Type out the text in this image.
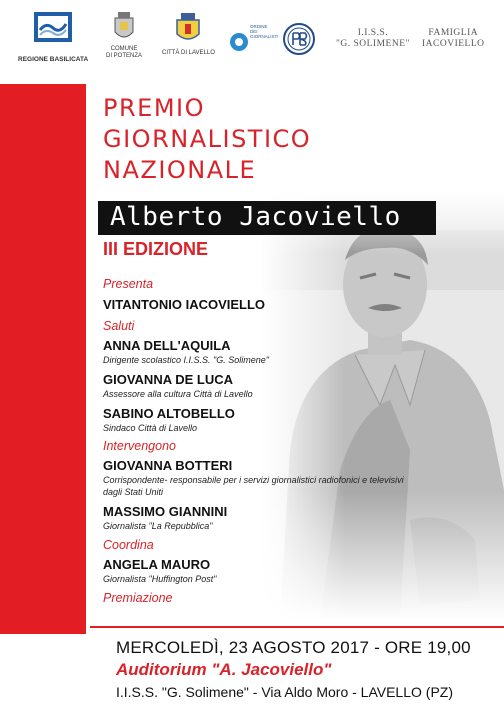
REGIONE BASILICATA
COMUNE
DI POTENZA	CITTÀ DI LAVELLO
ORDINE
DEI
GIORNALISTI	I.I.S.S.
"G. SOLIMENE"
FAMIGLIA
IACOVIELLO
PREMIO
GIORNALISTICO
NAZIONALE
Alberto Jacoviello
III EDIZIONE
Presenta
VITANTONIO IACOVIELLO
Saluti
ANNA DELL'AQUILA
Dirigente scolastico I.I.S.S. "G. Solimene"
GIOVANNA DE LUCA
Assessore alla cultura Città di Lavello
SABINO ALTOBELLO
Sindaco Città di Lavello
Intervengono
GIOVANNA BOTTERI
Corrispondente- responsabile per i servizi giornalistici radiofonici e televisivi
dagli Stati Uniti
MASSIMO GIANNINI
Giornalista "La Repubblica"
Coordina
ANGELA MAURO
Giornalista "Huffington Post"
Premiazione
MERCOLEDÌ, 23 AGOSTO 2017 - ORE 19,00
Auditorium "A. Jacoviello"
I.I.S.S. "G. Solimene" - Via Aldo Moro - LAVELLO (PZ)
